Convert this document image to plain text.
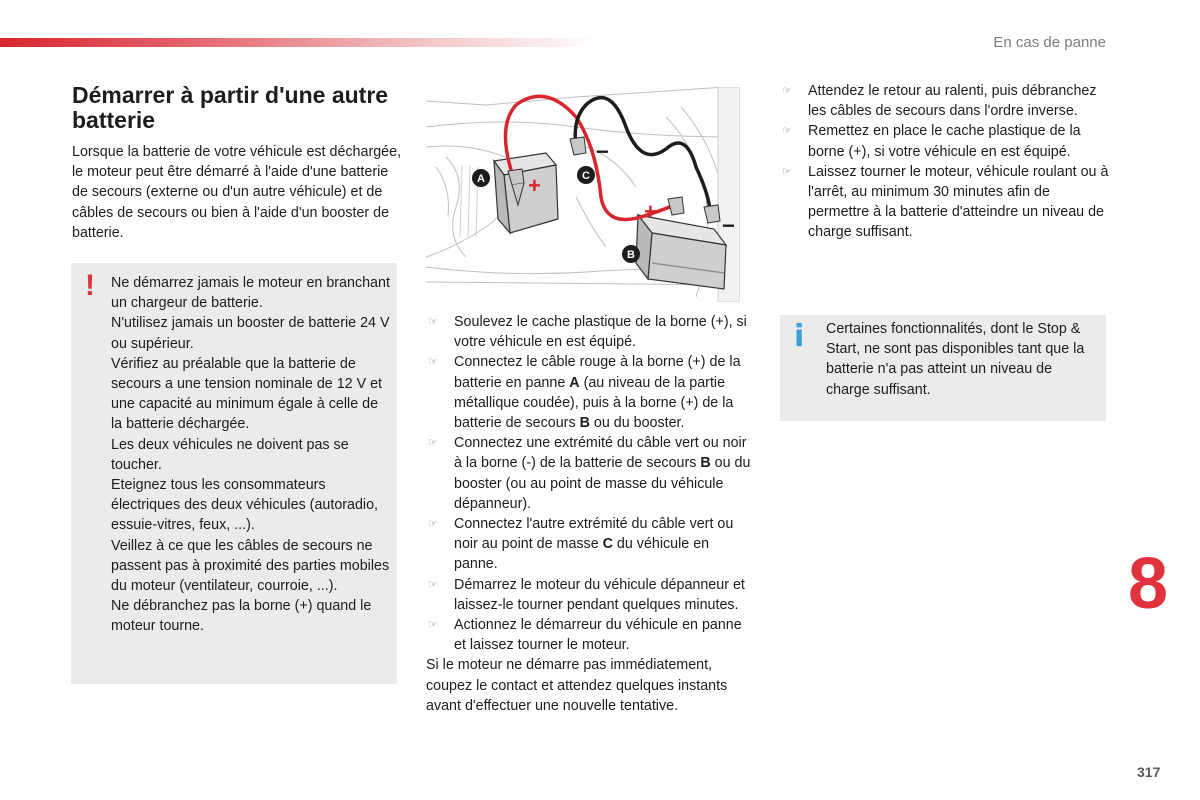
En cas de panne
Démarrer à partir d'une autre batterie

Lorsque la batterie de votre véhicule est déchargée, le moteur peut être démarré à l'aide d'une batterie de secours (externe ou d'un autre véhicule) et de câbles de secours ou bien à l'aide d'un booster de batterie.

! Ne démarrez jamais le moteur en branchant un chargeur de batterie.
N'utilisez jamais un booster de batterie 24 V ou supérieur.
Vérifiez au préalable que la batterie de secours a une tension nominale de 12 V et une capacité au minimum égale à celle de la batterie déchargée.
Les deux véhicules ne doivent pas se toucher.
Eteignez tous les consommateurs électriques des deux véhicules (autoradio, essuie-vitres, feux, ...).
Veillez à ce que les câbles de secours ne passent pas à proximité des parties mobiles du moteur (ventilateur, courroie, ...).
Ne débranchez pas la borne (+) quand le moteur tourne.

+
−
+
−
A	C
B
☞ Soulevez le cache plastique de la borne (+), si votre véhicule en est équipé.
☞ Connectez le câble rouge à la borne (+) de la batterie en panne A (au niveau de la partie métallique coudée), puis à la borne (+) de la batterie de secours B ou du booster.
☞ Connectez une extrémité du câble vert ou noir à la borne (-) de la batterie de secours B ou du booster (ou au point de masse du véhicule dépanneur).
☞ Connectez l'autre extrémité du câble vert ou noir au point de masse C du véhicule en panne.
☞ Démarrez le moteur du véhicule dépanneur et laissez-le tourner pendant quelques minutes.
☞ Actionnez le démarreur du véhicule en panne et laissez tourner le moteur.

Si le moteur ne démarre pas immédiatement, coupez le contact et attendez quelques instants avant d'effectuer une nouvelle tentative.

☞ Attendez le retour au ralenti, puis débranchez les câbles de secours dans l'ordre inverse.
☞ Remettez en place le cache plastique de la borne (+), si votre véhicule en est équipé.
☞ Laissez tourner le moteur, véhicule roulant ou à l'arrêt, au minimum 30 minutes afin de permettre à la batterie d'atteindre un niveau de charge suffisant.
i Certaines fonctionnalités, dont le Stop & Start, ne sont pas disponibles tant que la batterie n'a pas atteint un niveau de charge suffisant.

8
317
